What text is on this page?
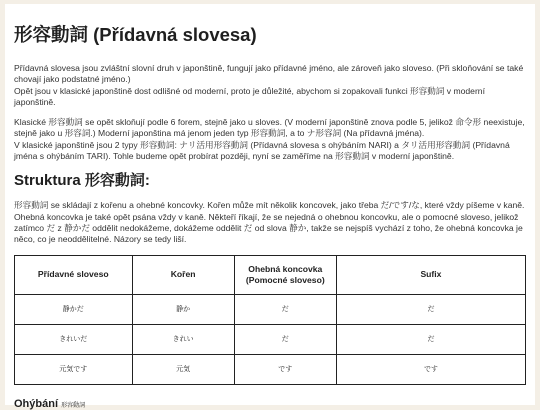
形容動詞 (Přídavná slovesa)

Přídavná slovesa jsou zvláštní slovní druh v japonštině, fungují jako přídavné jméno, ale zároveň jako sloveso. (Při skloňování se také chovají jako podstatné jméno.)
Opět jsou v klasické japonštině dost odlišné od moderní, proto je důležité, abychom si zopakovali funkci 形容動詞 v moderní japonštině.

Klasické 形容動詞 se opět skloňují podle 6 forem, stejně jako u sloves. (V moderní japonštině znova podle 5, jelikož 命令形 neexistuje, stejně jako u 形容詞.) Moderní japonština má jenom jeden typ 形容動詞, a to ナ形容詞 (Na přídavná jména).
V klasické japonštině jsou 2 typy 形容動詞: ナリ活用形容動詞 (Přídavná slovesa s ohýbáním NARI) a タリ活用形容動詞 (Přídavná jména s ohýbáním TARI). Tohle budeme opět probírat později, nyní se zaměříme na 形容動詞 v moderní japonštině.

Struktura 形容動詞:

形容動詞 se skládají z kořenu a ohebné koncovky. Kořen může mít několik koncovek, jako třeba だ/です/な, které vždy píšeme v kaně. Ohebná koncovka je také opět psána vždy v kaně. Někteří říkají, že se nejedná o ohebnou koncovku, ale o pomocné sloveso, jelikož zatímco だ z 静かだ oddělit nedokážeme, dokážeme oddělit だ od slova 静か, takže se nejspíš vychází z toho, že ohebná koncovka je něco, co je neoddělitelné. Názory se tedy liší.

Přídavné sloveso	Kořen	Ohebná koncovka (Pomocné sloveso)	Sufix
静かだ	静か	だ	だ
きれいだ	きれい	だ	だ
元気です	元気	です	です
Ohýbání 形容動詞
